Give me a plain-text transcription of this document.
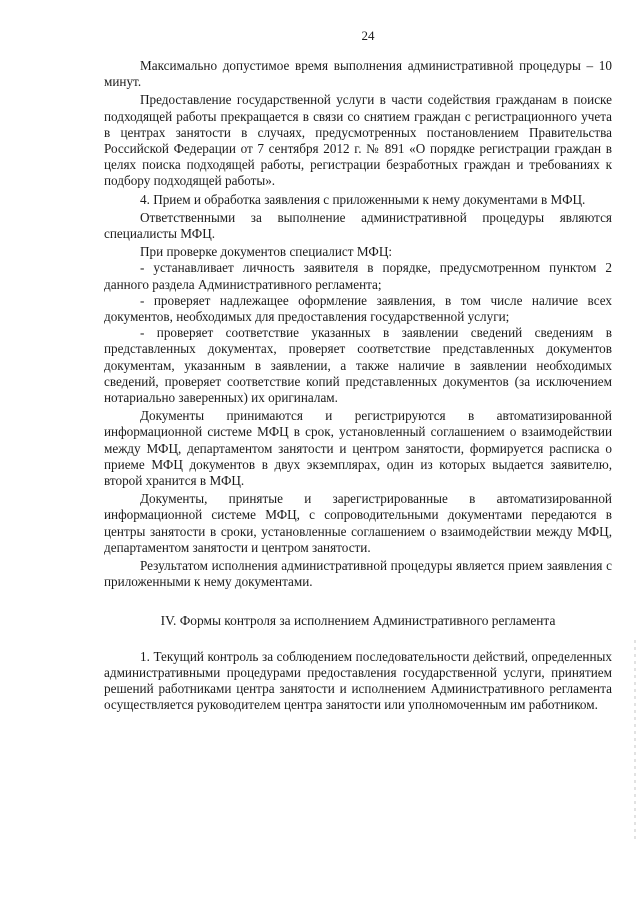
24

Максимально допустимое время выполнения административной процедуры – 10 минут.

Предоставление государственной услуги в части содействия гражданам в поиске подходящей работы прекращается в связи со снятием граждан с регистрационного учета в центрах занятости в случаях, предусмотренных постановлением Правительства Российской Федерации от 7 сентября 2012 г. № 891 «О порядке регистрации граждан в целях поиска подходящей работы, регистрации безработных граждан и требованиях к подбору подходящей работы».

4. Прием и обработка заявления с приложенными к нему документами в МФЦ.

Ответственными за выполнение административной процедуры являются специалисты МФЦ.

При проверке документов специалист МФЦ:

- устанавливает личность заявителя в порядке, предусмотренном пунктом 2 данного раздела Административного регламента;

- проверяет надлежащее оформление заявления, в том числе наличие всех документов, необходимых для предоставления государственной услуги;

- проверяет соответствие указанных в заявлении сведений сведениям в представленных документах, проверяет соответствие представленных документов документам, указанным в заявлении, а также наличие в заявлении необходимых сведений, проверяет соответствие копий представленных документов (за исключением нотариально заверенных) их оригиналам.

Документы принимаются и регистрируются в автоматизированной информационной системе МФЦ в срок, установленный соглашением о взаимодействии между МФЦ, департаментом занятости и центром занятости, формируется расписка о приеме МФЦ документов в двух экземплярах, один из которых выдается заявителю, второй хранится в МФЦ.

Документы, принятые и зарегистрированные в автоматизированной информационной системе МФЦ, с сопроводительными документами передаются в центры занятости в сроки, установленные соглашением о взаимодействии между МФЦ, департаментом занятости и центром занятости.

Результатом исполнения административной процедуры является прием заявления с приложенными к нему документами.

IV. Формы контроля за исполнением Административного регламента

1. Текущий контроль за соблюдением последовательности действий, определенных административными процедурами предоставления государственной услуги, принятием решений работниками центра занятости и исполнением Административного регламента осуществляется руководителем центра занятости или уполномоченным им работником.
